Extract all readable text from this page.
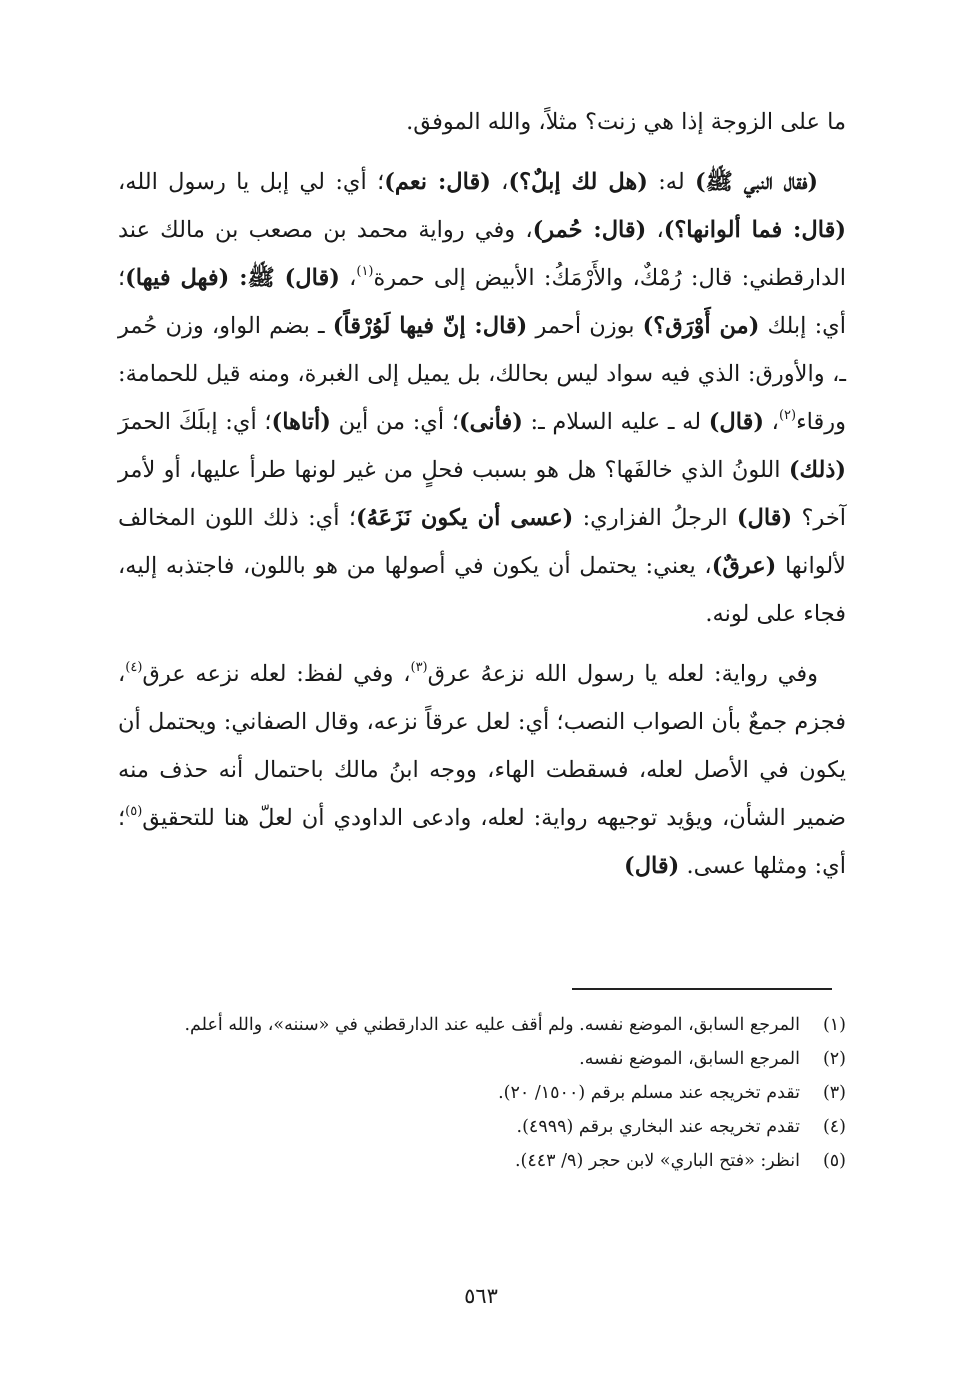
ما على الزوجة إذا هي زنت؟ مثلاً، والله الموفق.

(فقال النبي ﷺ) له: (هل لك إبلٌ؟)، (قال: نعم)؛ أي: لي إبل يا رسول الله، (قال: فما ألوانها؟)، (قال: حُمر)، وفي رواية محمد بن مصعب بن مالك عند الدارقطني: قال: رُمْكٌ، والأَرْمَكُ: الأبيض إلى حمرة$^{(١)}$، (قال) ﷺ: (فهل فيها)؛ أي: إبلك (من أَوْرَق؟) بوزن أحمر (قال: إنّ فيها لَوُرْقاً) ـ بضم الواو، وزن حُمر ـ، والأورق: الذي فيه سواد ليس بحالك، بل يميل إلى الغبرة، ومنه قيل للحمامة: ورقاء$^{(٢)}$، (قال) له ـ عليه السلام ـ: (فأنى)؛ أي: من أين (أتاها)؛ أي: إبلَكَ الحمرَ (ذلك) اللونُ الذي خالفَها؟ هل هو بسبب فحلٍ من غير لونها طرأ عليها، أو لأمر آخر؟ (قال) الرجلُ الفزاري: (عسى أن يكون نَزَعَهُ)؛ أي: ذلك اللون المخالف لألوانها (عرقٌ)، يعني: يحتمل أن يكون في أصولها من هو باللون، فاجتذبه إليه، فجاء على لونه.

وفي رواية: لعله يا رسول الله نزعهُ عرق$^{(٣)}$، وفي لفظ: لعله نزعه عرق$^{(٤)}$، فجزم جمعٌ بأن الصواب النصب؛ أي: لعل عرقاً نزعه، وقال الصفاني: ويحتمل أن يكون في الأصل لعله، فسقطت الهاء، ووجه ابنُ مالك باحتمال أنه حذف منه ضمير الشأن، ويؤيد توجيهه رواية: لعله، وادعى الداودي أن لعلّ هنا للتحقيق$^{(٥)}$؛ أي: ومثلها عسى. (قال)

(١)
المرجع السابق، الموضع نفسه. ولم أقف عليه عند الدارقطني في «سننه»، والله أعلم.
(٢)
المرجع السابق، الموضع نفسه.
(٣)
تقدم تخريجه عند مسلم برقم (١٥٠٠/ ٢٠).
(٤)
تقدم تخريجه عند البخاري برقم (٤٩٩٩).
(٥)
انظر: «فتح الباري» لابن حجر (٩/ ٤٤٣).
٥٦٣
